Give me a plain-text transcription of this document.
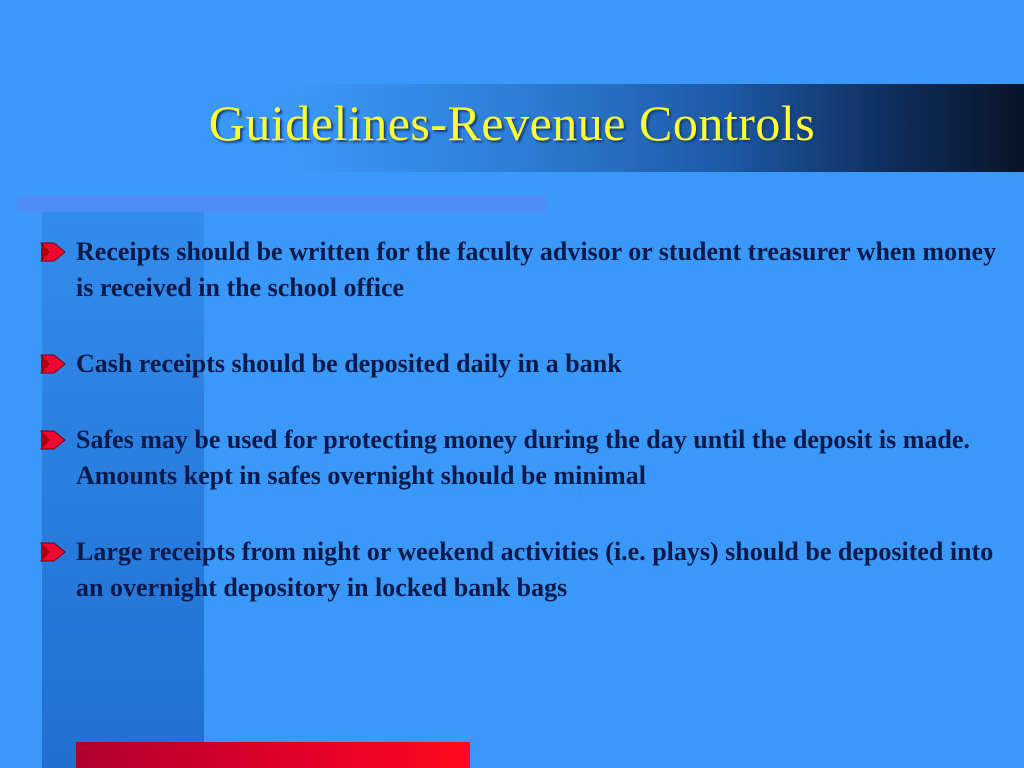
Guidelines-Revenue Controls
Receipts should be written for the faculty advisor or student treasurer when money is received in the school office
Cash receipts should be deposited daily in a bank
Safes may be used for protecting money during the day until the deposit is made. Amounts kept in safes overnight should be minimal
Large receipts from night or weekend activities (i.e. plays) should be deposited into an overnight depository in locked bank bags
